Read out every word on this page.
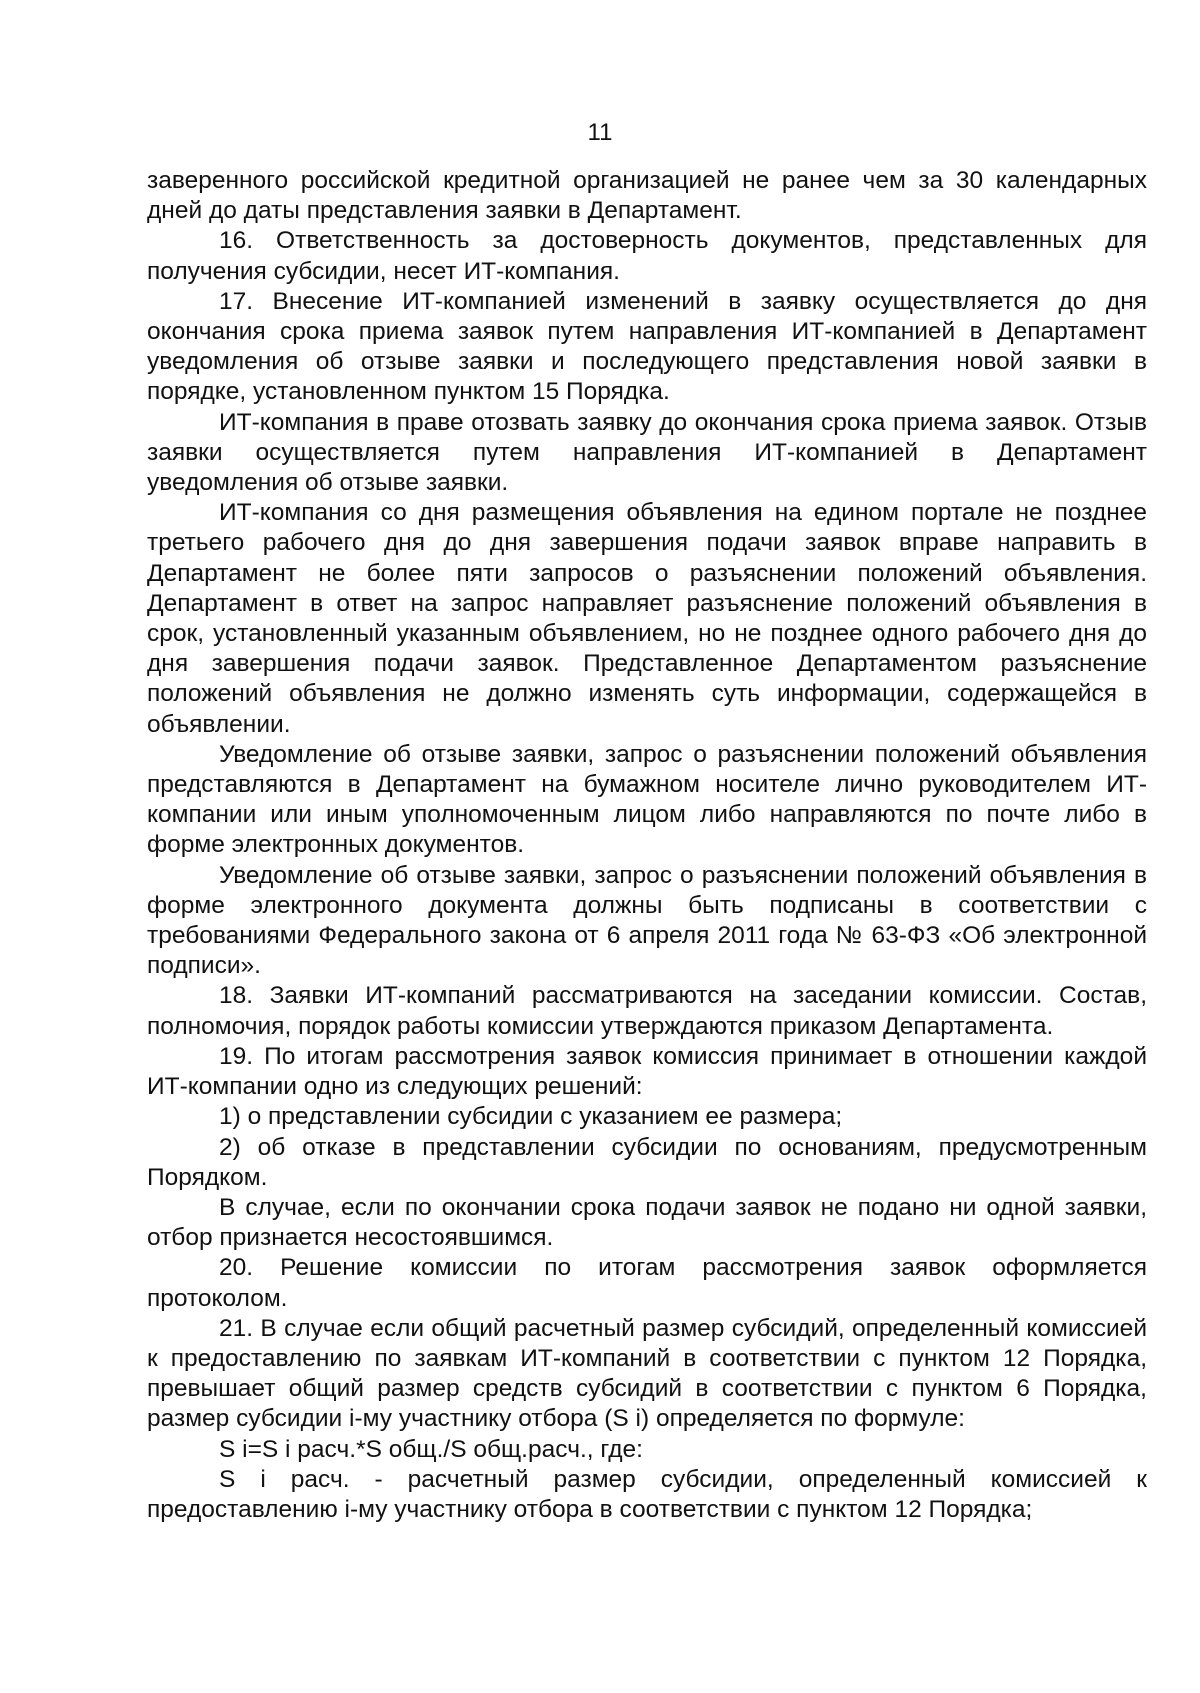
11

заверенного российской кредитной организацией не ранее чем за 30 календарных дней до даты представления заявки в Департамент.

16. Ответственность за достоверность документов, представленных для получения субсидии, несет ИТ-компания.

17. Внесение ИТ-компанией изменений в заявку осуществляется до дня окончания срока приема заявок путем направления ИТ-компанией в Департамент уведомления об отзыве заявки и последующего представления новой заявки в порядке, установленном пунктом 15 Порядка.

ИТ-компания в праве отозвать заявку до окончания срока приема заявок. Отзыв заявки осуществляется путем направления ИТ-компанией в Департамент уведомления об отзыве заявки.

ИТ-компания со дня размещения объявления на едином портале не позднее третьего рабочего дня до дня завершения подачи заявок вправе направить в Департамент не более пяти запросов о разъяснении положений объявления. Департамент в ответ на запрос направляет разъяснение положений объявления в срок, установленный указанным объявлением, но не позднее одного рабочего дня до дня завершения подачи заявок. Представленное Департаментом разъяснение положений объявления не должно изменять суть информации, содержащейся в объявлении.

Уведомление об отзыве заявки, запрос о разъяснении положений объявления представляются в Департамент на бумажном носителе лично руководителем ИТ-компании или иным уполномоченным лицом либо направляются по почте либо в форме электронных документов.

Уведомление об отзыве заявки, запрос о разъяснении положений объявления в форме электронного документа должны быть подписаны в соответствии с требованиями Федерального закона от 6 апреля 2011 года № 63-ФЗ «Об электронной подписи».

18. Заявки ИТ-компаний рассматриваются на заседании комиссии. Состав, полномочия, порядок работы комиссии утверждаются приказом Департамента.

19. По итогам рассмотрения заявок комиссия принимает в отношении каждой ИТ-компании одно из следующих решений:

1) о представлении субсидии с указанием ее размера;

2) об отказе в представлении субсидии по основаниям, предусмотренным Порядком.

В случае, если по окончании срока подачи заявок не подано ни одной заявки, отбор признается несостоявшимся.

20. Решение комиссии по итогам рассмотрения заявок оформляется протоколом.

21. В случае если общий расчетный размер субсидий, определенный комиссией к предоставлению по заявкам ИТ-компаний в соответствии с пунктом 12 Порядка, превышает общий размер средств субсидий в соответствии с пунктом 6 Порядка, размер субсидии i-му участнику отбора (S i) определяется по формуле:

S i=S i расч.*S общ./S общ.расч., где:

S i расч. - расчетный размер субсидии, определенный комиссией к предоставлению i-му участнику отбора в соответствии с пунктом 12 Порядка;
